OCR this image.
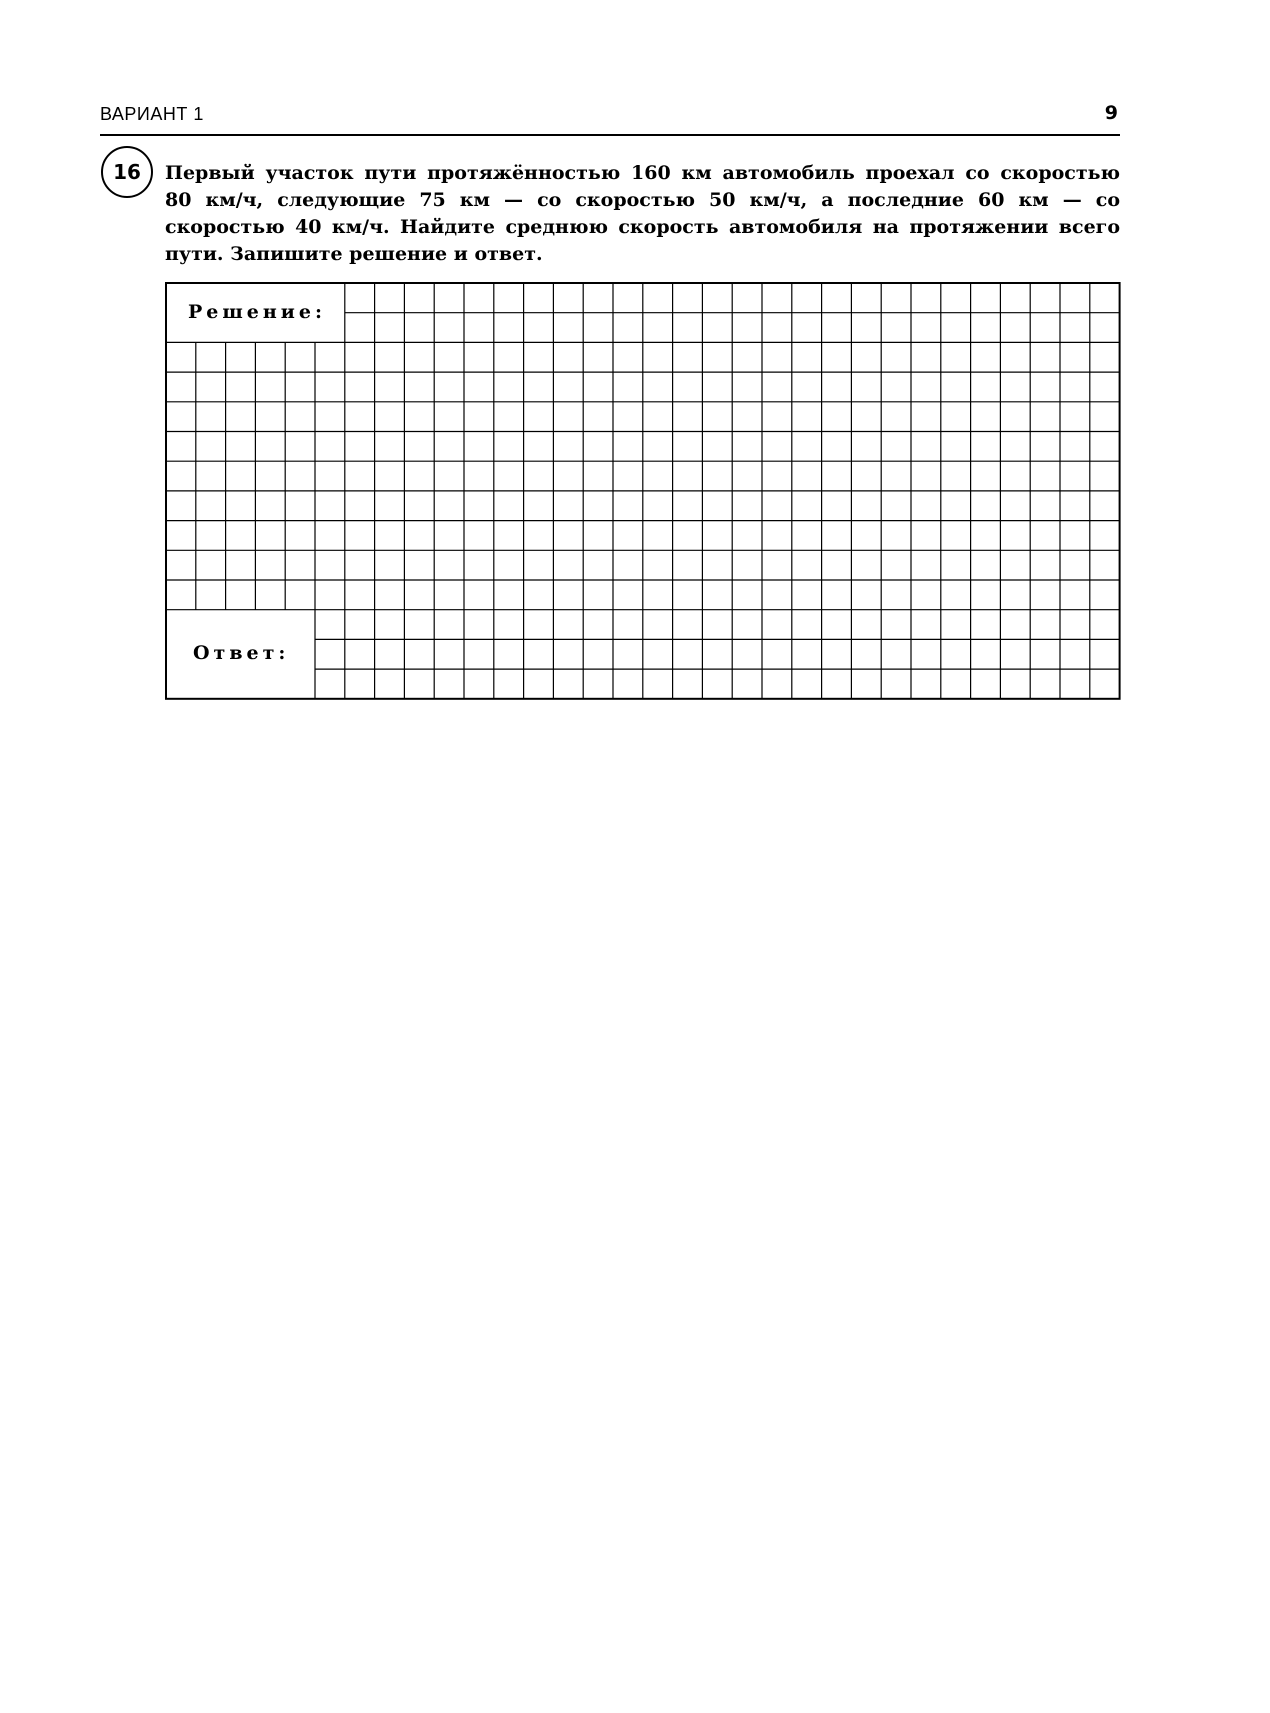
ВАРИАНТ 1	9
16 Первый участок пути протяжённостью 160 км автомобиль проехал со скоростью
80 км/ч, следующие 75 км — со скоростью 50 км/ч, а последние 60 км — со
скоростью 40 км/ч. Найдите среднюю скорость автомобиля на протяжении всего
пути. Запишите решение и ответ.
Решение:
Ответ:
